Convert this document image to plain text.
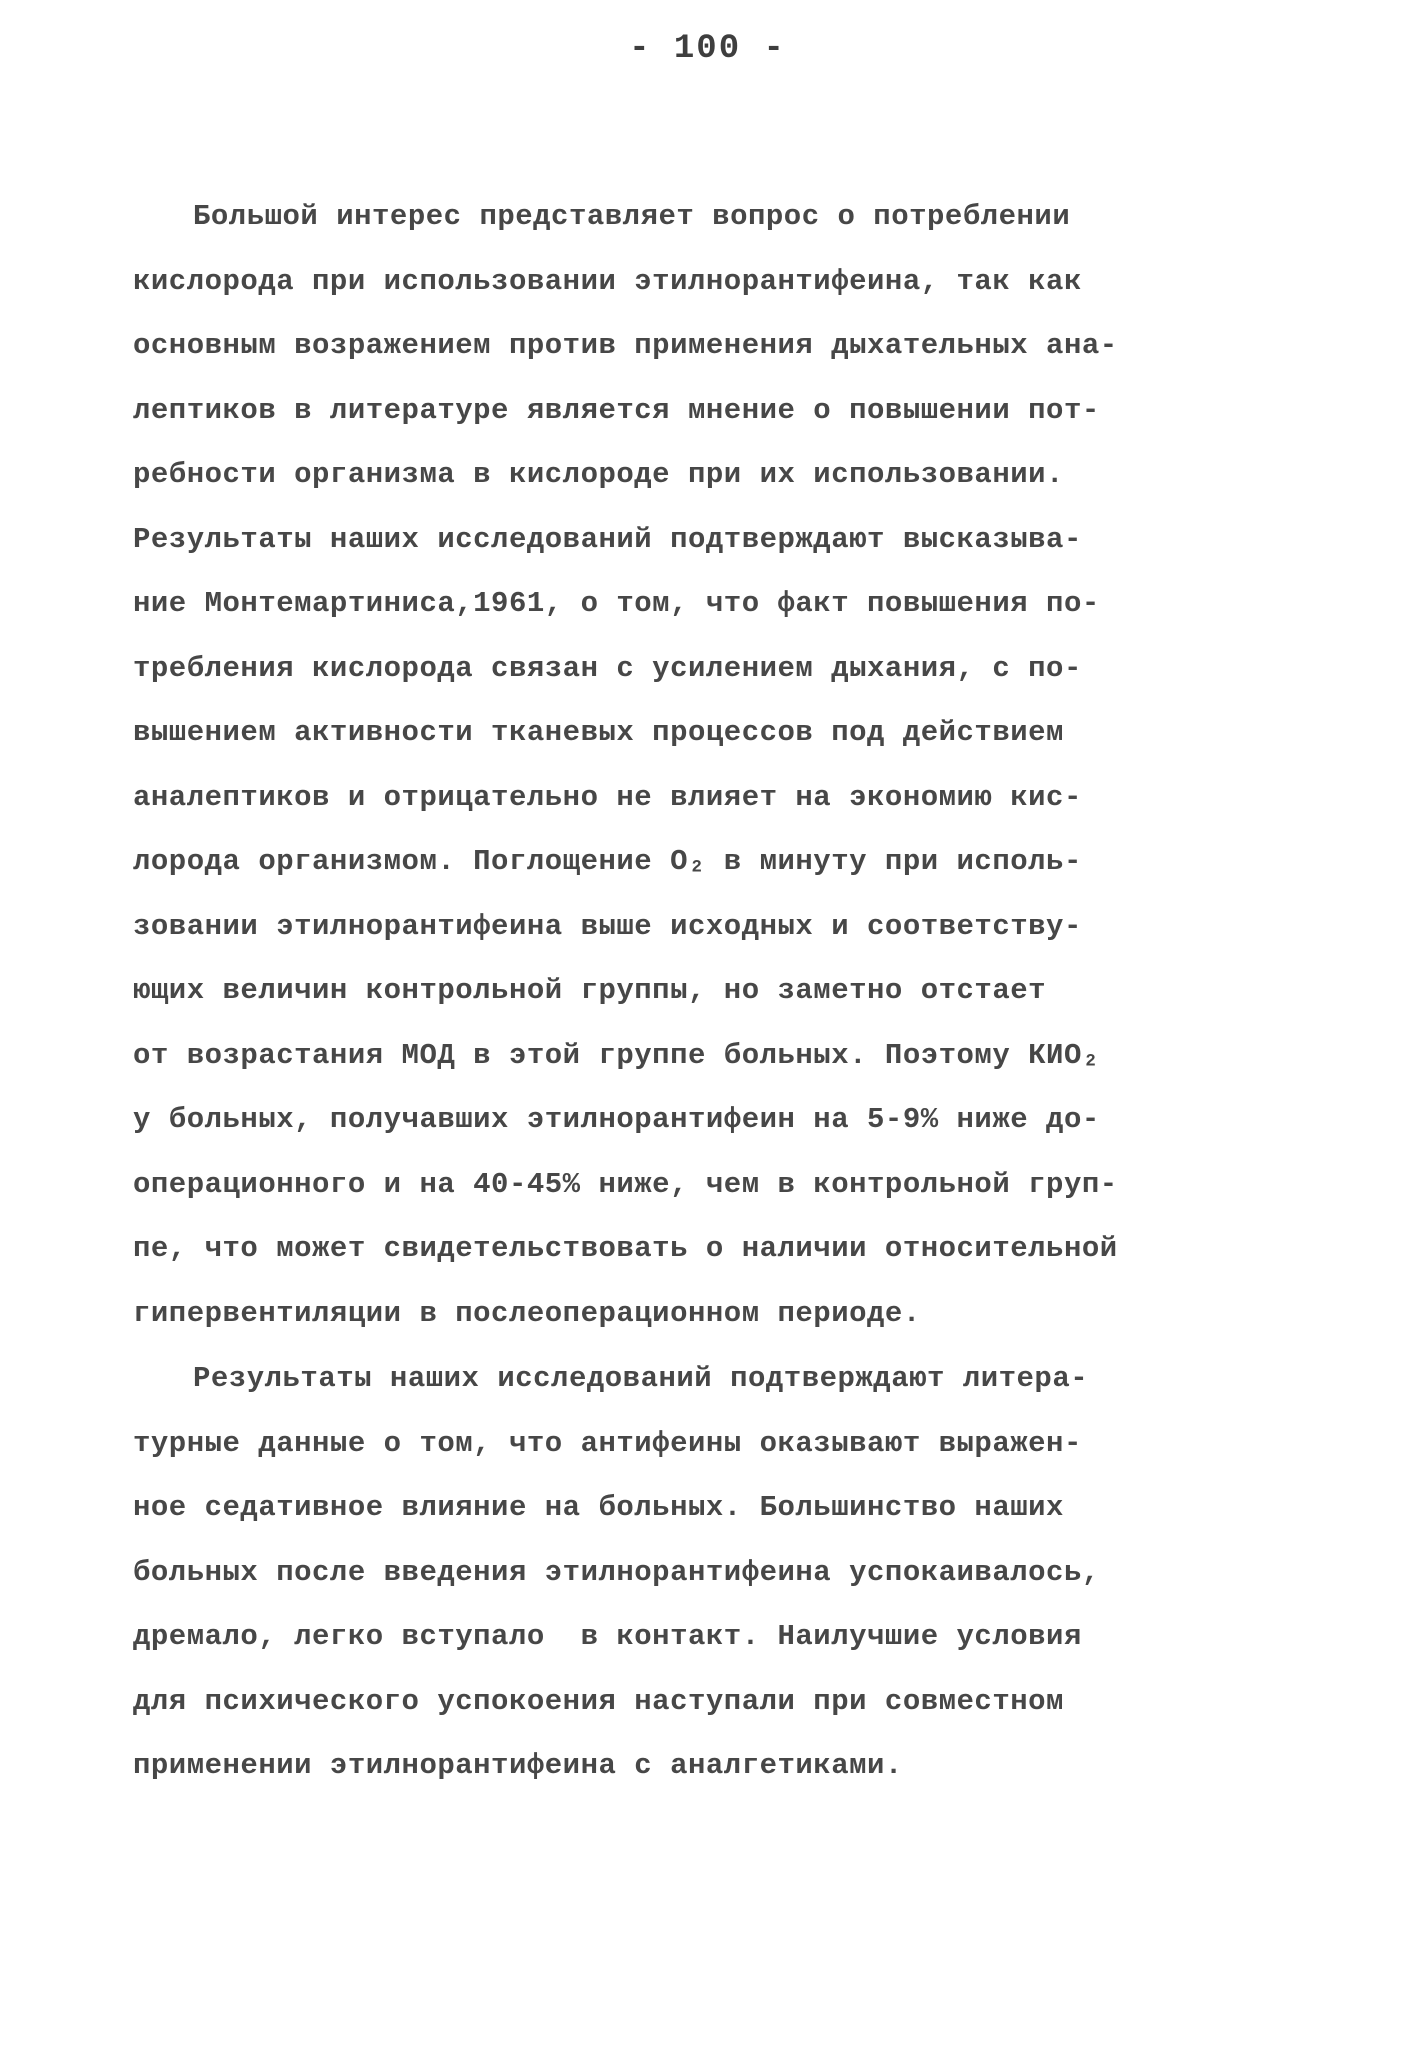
- 100 -
Большой интерес представляет вопрос о потреблении
кислорода при использовании этилнорантифеина, так как
основным возражением против применения дыхательных ана-
лептиков в литературе является мнение о повышении пот-
ребности организма в кислороде при их использовании.
Результаты наших исследований подтверждают высказыва-
ние Монтемартиниса,1961, о том, что факт повышения по-
требления кислорода связан с усилением дыхания, с по-
вышением активности тканевых процессов под действием
аналептиков и отрицательно не влияет на экономию кис-
лорода организмом. Поглощение O₂ в минуту при исполь-
зовании этилнорантифеина выше исходных и соответству-
ющих величин контрольной группы, но заметно отстает
от возрастания МОД в этой группе больных. Поэтому КИО₂
у больных, получавших этилнорантифеин на 5-9% ниже до-
операционного и на 40-45% ниже, чем в контрольной груп-
пе, что может свидетельствовать о наличии относительной
гипервентиляции в послеоперационном периоде.
Результаты наших исследований подтверждают литера-
турные данные о том, что антифеины оказывают выражен-
ное седативное влияние на больных. Большинство наших
больных после введения этилнорантифеина успокаивалось,
дремало, легко вступало  в контакт. Наилучшие условия
для психического успокоения наступали при совместном
применении этилнорантифеина с аналгетиками.
